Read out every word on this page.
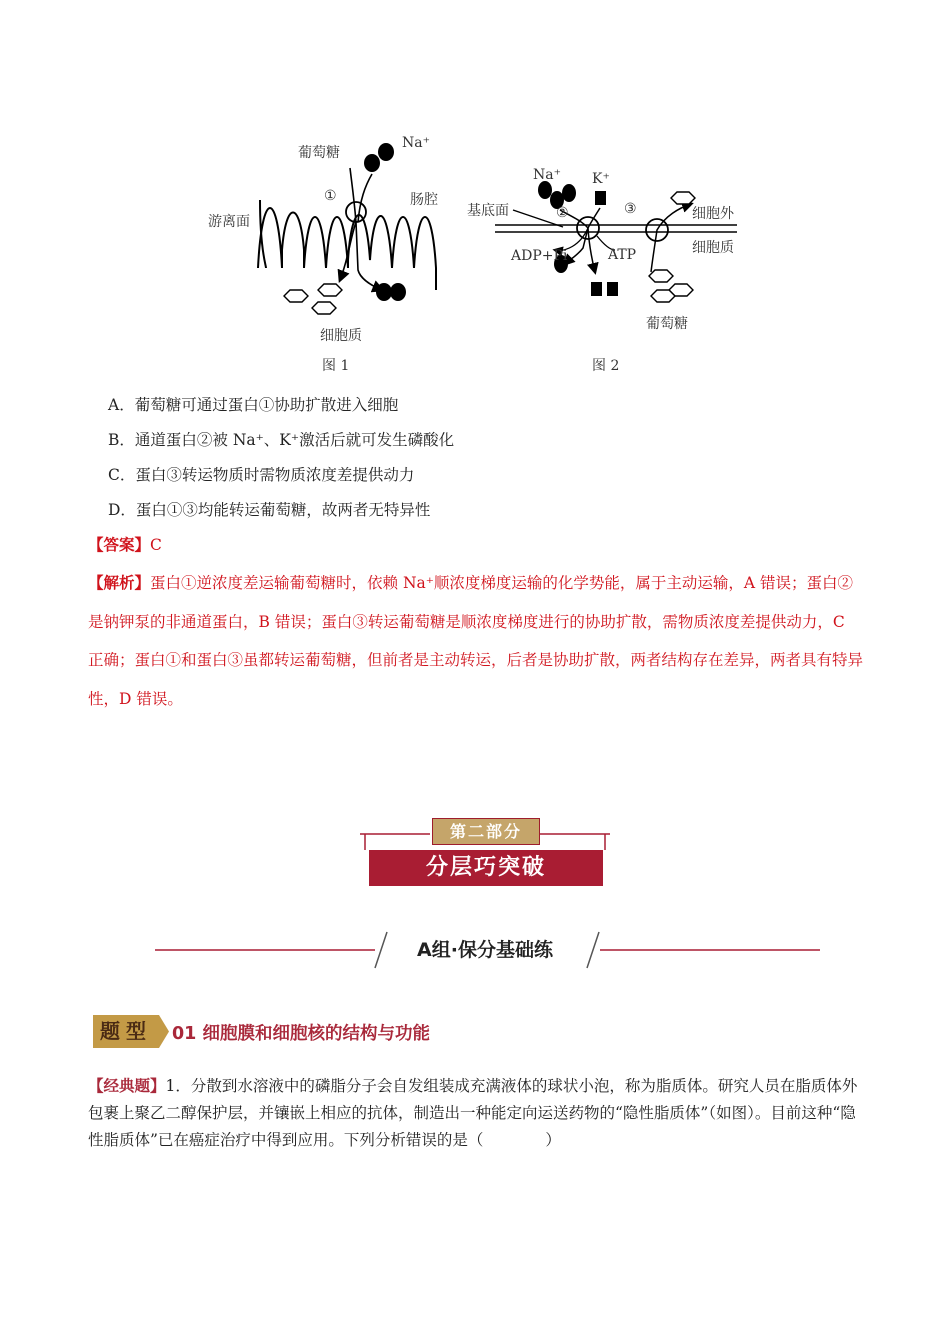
葡萄糖
Na⁺
①
游离面
肠腔
细胞质
图 1
Na⁺ K⁺
基底面	②	③	细胞外
细胞质
ADP+Pi	ATP
葡萄糖
图 2
A．葡萄糖可通过蛋白①协助扩散进入细胞
B．通道蛋白②被 Na⁺、K⁺激活后就可发生磷酸化
C．蛋白③转运物质时需物质浓度差提供动力
D．蛋白①③均能转运葡萄糖，故两者无特异性
【答案】C
【解析】蛋白①逆浓度差运输葡萄糖时，依赖 Na⁺顺浓度梯度运输的化学势能，属于主动运输，A 错误；蛋白②是钠钾泵的非通道蛋白，B 错误；蛋白③转运葡萄糖是顺浓度梯度进行的协助扩散，需物质浓度差提供动力，C 正确；蛋白①和蛋白③虽都转运葡萄糖，但前者是主动转运，后者是协助扩散，两者结构存在差异，两者具有特异性，D 错误。
第二部分
分层巧突破
A组·保分基础练
题型	01 细胞膜和细胞核的结构与功能
【经典题】1．分散到水溶液中的磷脂分子会自发组装成充满液体的球状小泡，称为脂质体。研究人员在脂质体外包裹上聚乙二醇保护层，并镶嵌上相应的抗体，制造出一种能定向运送药物的“隐性脂质体”（如图）。目前这种“隐性脂质体”已在癌症治疗中得到应用。下列分析错误的是（　　　　）
